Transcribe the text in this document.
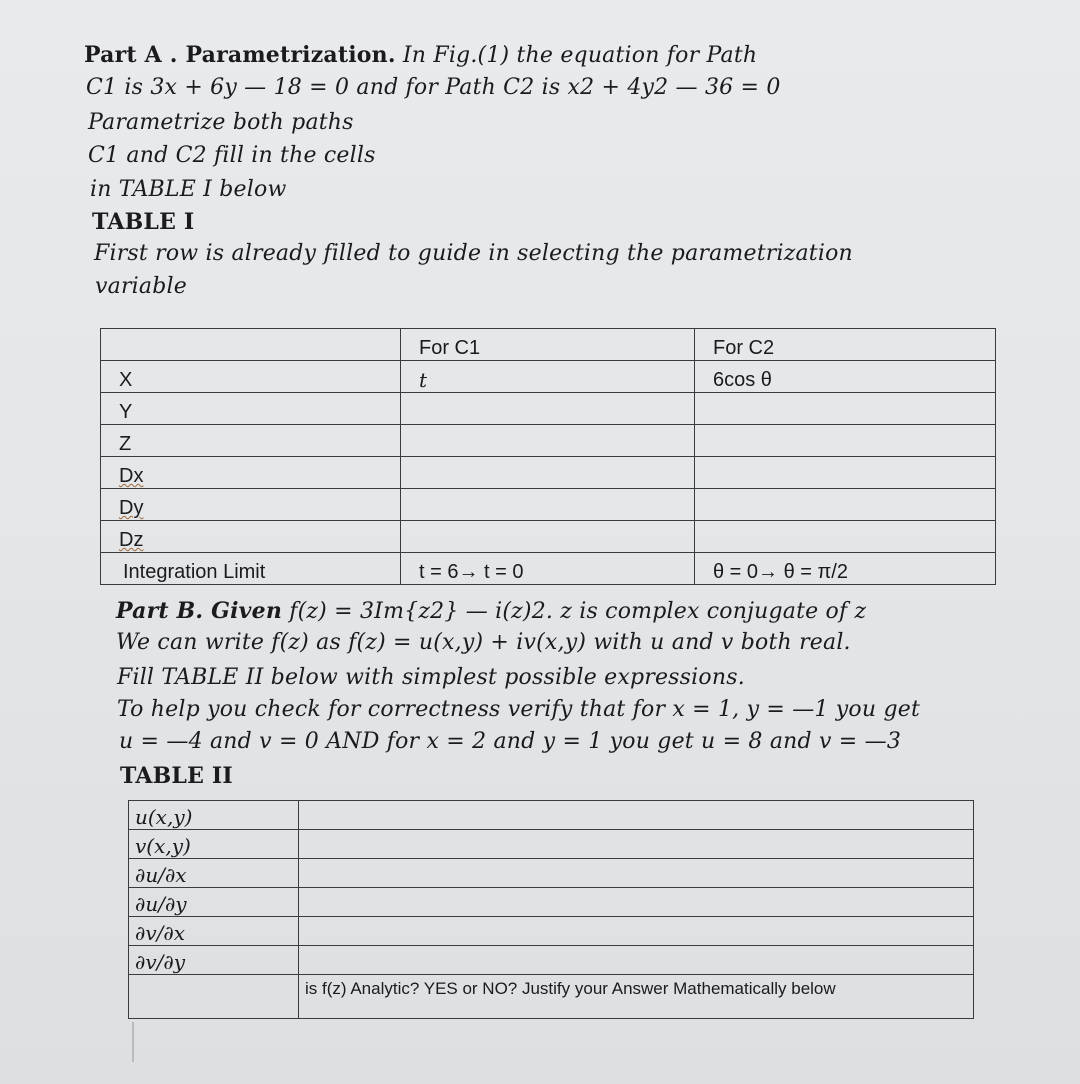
Part A . Parametrization. In Fig.(1) the equation for Path
C1 is 3x + 6y — 18 = 0 and for Path C2 is x2 + 4y2 — 36 = 0
Parametrize both paths
C1 and C2 fill in the cells
in TABLE I below
TABLE I
First row is already filled to guide in selecting the parametrization
variable
	For C1	For C2
X	t	6cos θ
Y		
Z		
Dx		
Dy		
Dz		
Integration Limit	t = 6→ t = 0	θ = 0→ θ = π/2
Part B. Given f(z) = 3Im{z2} — i(z)2. z is complex conjugate of z
We can write f(z) as f(z) = u(x,y) + iv(x,y) with u and v both real.
Fill TABLE II below with simplest possible expressions.
To help you check for correctness verify that for x = 1, y = —1 you get
u = —4 and v = 0 AND for x = 2 and y = 1 you get u = 8 and v = —3
TABLE II
u(x,y)	
v(x,y)	
∂u/∂x	
∂u/∂y	
∂v/∂x	
∂v/∂y	
	is f(z) Analytic? YES or NO? Justify your Answer Mathematically below
